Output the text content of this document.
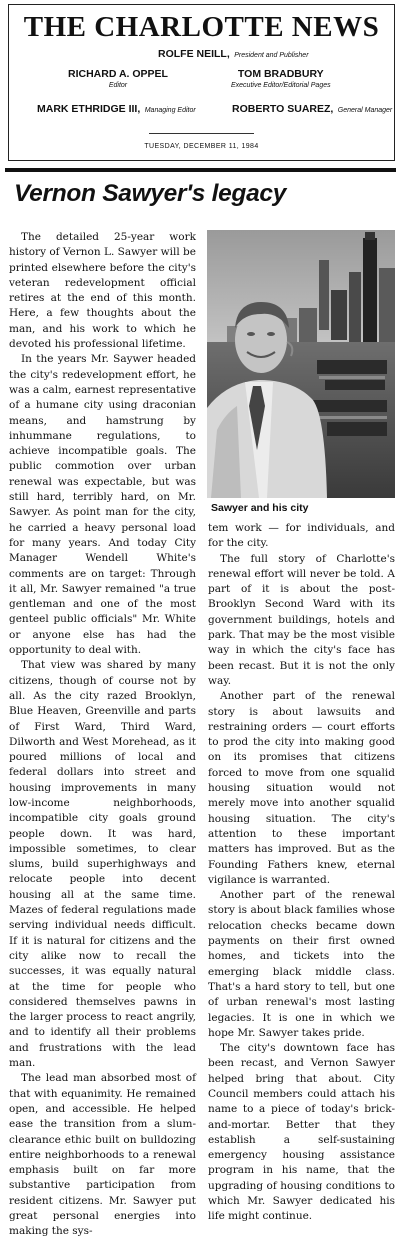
THE CHARLOTTE NEWS
ROLFE NEILL, President and Publisher
RICHARD A. OPPEL
Editor
TOM BRADBURY
Executive Editor/Editorial Pages
MARK ETHRIDGE III, Managing Editor	ROBERTO SUAREZ, General Manager
TUESDAY, DECEMBER 11, 1984
Vernon Sawyer's legacy

The detailed 25-year work history of Vernon L. Sawyer will be printed elsewhere before the city's veteran redevelopment official retires at the end of this month. Here, a few thoughts about the man, and his work to which he devoted his professional lifetime.

In the years Mr. Saywer headed the city's redevelopment effort, he was a calm, earnest representative of a humane city using draconian means, and hamstrung by inhummane regulations, to achieve incompatible goals. The public commotion over urban renewal was expectable, but was still hard, terribly hard, on Mr. Sawyer. As point man for the city, he carried a heavy personal load for many years. And today City Manager Wendell White's comments are on target: Through it all, Mr. Sawyer remained "a true gentleman and one of the most genteel public officials" Mr. White or anyone else has had the opportunity to deal with.

That view was shared by many citizens, though of course not by all. As the city razed Brooklyn, Blue Heaven, Greenville and parts of First Ward, Third Ward, Dilworth and West Morehead, as it poured millions of local and federal dollars into street and housing improvements in many low-income neighborhoods, incompatible city goals ground people down. It was hard, impossible sometimes, to clear slums, build superhighways and relocate people into decent housing all at the same time. Mazes of federal regulations made serving individual needs difficult. If it is natural for citizens and the city alike now to recall the successes, it was equally natural at the time for people who considered themselves pawns in the larger process to react angrily, and to identify all their problems and frustrations with the lead man.

The lead man absorbed most of that with equanimity. He remained open, and accessible. He helped ease the transition from a slum-clearance ethic built on bulldozing entire neighborhoods to a renewal emphasis built on far more substantive participation from resident citizens. Mr. Sawyer put great personal energies into making the sys-

Sawyer and his city

tem work — for individuals, and for the city.

The full story of Charlotte's renewal effort will never be told. A part of it is about the post-Brooklyn Second Ward with its government buildings, hotels and park. That may be the most visible way in which the city's face has been recast. But it is not the only way.

Another part of the renewal story is about lawsuits and restraining orders — court efforts to prod the city into making good on its promises that citizens forced to move from one squalid housing situation would not merely move into another squalid housing situation. The city's attention to these important matters has improved. But as the Founding Fathers knew, eternal vigilance is warranted.

Another part of the renewal story is about black families whose relocation checks became down payments on their first owned homes, and tickets into the emerging black middle class. That's a hard story to tell, but one of urban renewal's most lasting legacies. It is one in which we hope Mr. Sawyer takes pride.

The city's downtown face has been recast, and Vernon Sawyer helped bring that about. City Council members could attach his name to a piece of today's brick-and-mortar. Better that they establish a self-sustaining emergency housing assistance program in his name, that the upgrading of housing conditions to which Mr. Sawyer dedicated his life might continue.
